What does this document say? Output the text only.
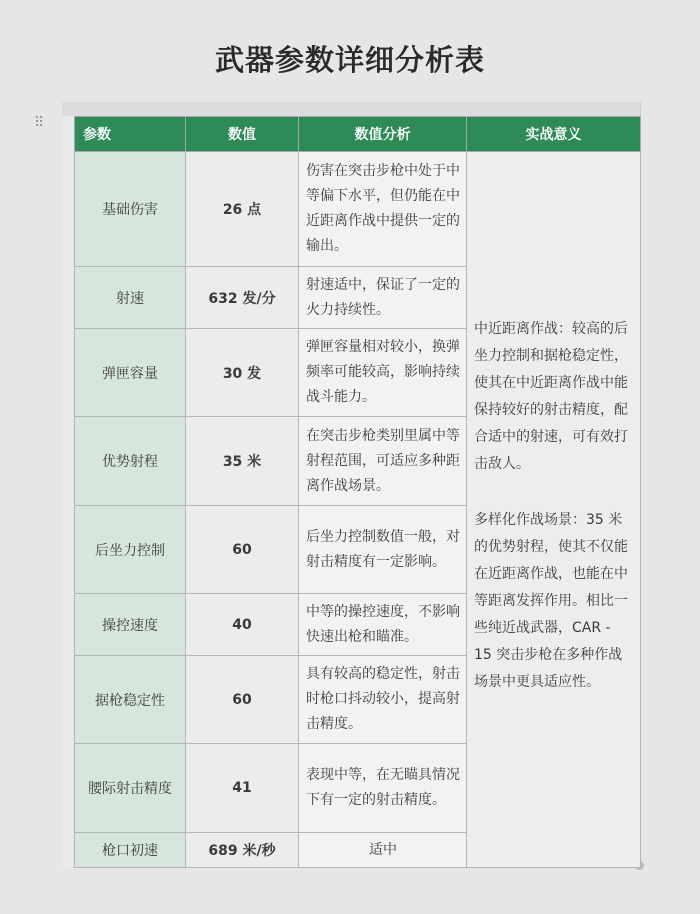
武器参数详细分析表
⠿
参数	数值	数值分析	实战意义
基础伤害	26 点	伤害在突击步枪中处于中等偏下水平，但仍能在中近距离作战中提供一定的输出。	中近距离作战：较高的后坐力控制和据枪稳定性，使其在中近距离作战中能保持较好的射击精度，配合适中的射速，可有效打击敌人。

多样化作战场景：35 米的优势射程，使其不仅能在近距离作战，也能在中等距离发挥作用。相比一些纯近战武器，CAR - 15 突击步枪在多种作战场景中更具适应性。

射速	632 发/分	射速适中，保证了一定的火力持续性。	
弹匣容量	30 发	弹匣容量相对较小，换弹频率可能较高，影响持续战斗能力。	
优势射程	35 米	在突击步枪类别里属中等射程范围，可适应多种距离作战场景。	
后坐力控制	60	后坐力控制数值一般，对射击精度有一定影响。	
操控速度	40	中等的操控速度，不影响快速出枪和瞄准。	
据枪稳定性	60	具有较高的稳定性，射击时枪口抖动较小，提高射击精度。	
腰际射击精度	41	表现中等，在无瞄具情况下有一定的射击精度。	
枪口初速	689 米/秒	适中	
